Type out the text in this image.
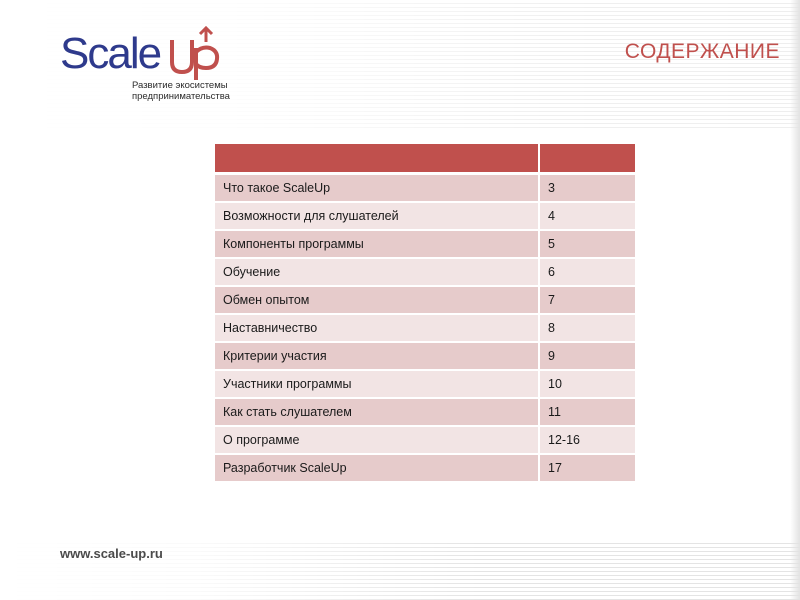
Scale
Развитие экосистемы
предпринимательства
СОДЕРЖАНИЕ

Что такое ScaleUp	3
Возможности для слушателей	4
Компоненты программы	5
Обучение	6
Обмен опытом	7
Наставничество	8
Критерии участия	9
Участники программы	10
Как стать слушателем	11
О программе	12-16
Разработчик ScaleUp	17
www.scale-up.ru
